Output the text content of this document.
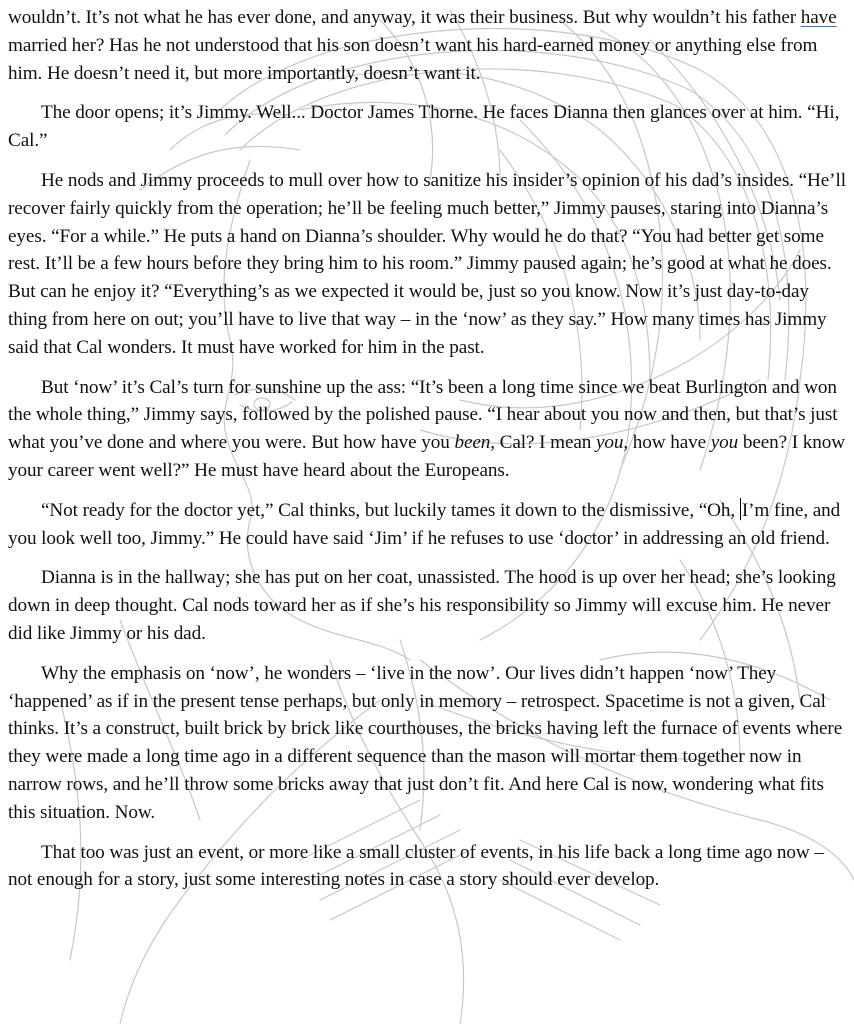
wouldn’t. It’s not what he has ever done, and anyway, it was their business. But why wouldn’t his father have married her? Has he not understood that his son doesn’t want his hard-earned money or anything else from him. He doesn’t need it, but more importantly, doesn’t want it.

The door opens; it’s Jimmy. Well... Doctor James Thorne. He faces Dianna then glances over at him. “Hi, Cal.”

He nods and Jimmy proceeds to mull over how to sanitize his insider’s opinion of his dad’s insides. “He’ll recover fairly quickly from the operation; he’ll be feeling much better,” Jimmy pauses, staring into Dianna’s eyes. “For a while.” He puts a hand on Dianna’s shoulder. Why would he do that? “You had better get some rest. It’ll be a few hours before they bring him to his room.” Jimmy paused again; he’s good at what he does. But can he enjoy it? “Everything’s as we expected it would be, just so you know. Now it’s just day-to-day thing from here on out; you’ll have to live that way – in the ‘now’ as they say.” How many times has Jimmy said that Cal wonders. It must have worked for him in the past.

But ‘now’ it’s Cal’s turn for sunshine up the ass: “It’s been a long time since we beat Burlington and won the whole thing,” Jimmy says, followed by the polished pause. “I hear about you now and then, but that’s just what you’ve done and where you were. But how have you been, Cal? I mean you, how have you been? I know your career went well?” He must have heard about the Europeans.

“Not ready for the doctor yet,” Cal thinks, but luckily tames it down to the dismissive, “Oh, I’m fine, and you look well too, Jimmy.” He could have said ‘Jim’ if he refuses to use ‘doctor’ in addressing an old friend.

Dianna is in the hallway; she has put on her coat, unassisted. The hood is up over her head; she’s looking down in deep thought. Cal nods toward her as if she’s his responsibility so Jimmy will excuse him. He never did like Jimmy or his dad.

Why the emphasis on ‘now’, he wonders – ‘live in the now’. Our lives didn’t happen ‘now’ They ‘happened’ as if in the present tense perhaps, but only in memory – retrospect. Spacetime is not a given, Cal thinks. It’s a construct, built brick by brick like courthouses, the bricks having left the furnace of events where they were made a long time ago in a different sequence than the mason will mortar them together now in narrow rows, and he’ll throw some bricks away that just don’t fit. And here Cal is now, wondering what fits this situation. Now.

That too was just an event, or more like a small cluster of events, in his life back a long time ago now – not enough for a story, just some interesting notes in case a story should ever develop.
